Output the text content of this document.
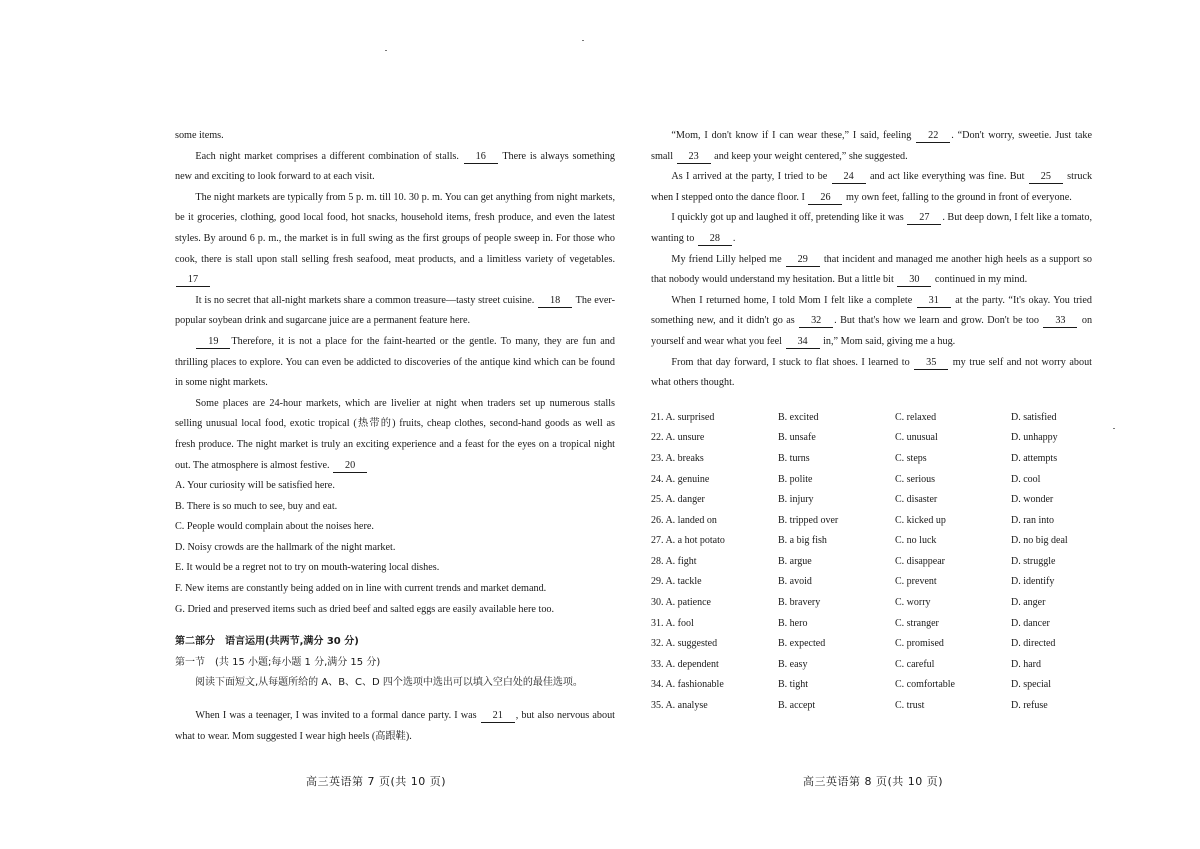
some items.

Each night market comprises a different combination of stalls. 16 There is always something new and exciting to look forward to at each visit.

The night markets are typically from 5 p. m. till 10. 30 p. m. You can get anything from night markets, be it groceries, clothing, good local food, hot snacks, household items, fresh produce, and even the latest styles. By around 6 p. m., the market is in full swing as the first groups of people sweep in. For those who cook, there is stall upon stall selling fresh seafood, meat products, and a limitless variety of vegetables. 17

It is no secret that all-night markets share a common treasure—tasty street cuisine. 18 The ever-popular soybean drink and sugarcane juice are a permanent feature here.

19 Therefore, it is not a place for the faint-hearted or the gentle. To many, they are fun and thrilling places to explore. You can even be addicted to discoveries of the antique kind which can be found in some night markets.

Some places are 24-hour markets, which are livelier at night when traders set up numerous stalls selling unusual local food, exotic tropical (热带的) fruits, cheap clothes, second-hand goods as well as fresh produce. The night market is truly an exciting experience and a feast for the eyes on a tropical night out. The atmosphere is almost festive. 20

A. Your curiosity will be satisfied here.

B. There is so much to see, buy and eat.

C. People would complain about the noises here.

D. Noisy crowds are the hallmark of the night market.

E. It would be a regret not to try on mouth-watering local dishes.

F. New items are constantly being added on in line with current trends and market demand.

G. Dried and preserved items such as dried beef and salted eggs are easily available here too.

第二部分　语言运用(共两节,满分 30 分)

第一节　(共 15 小题;每小题 1 分,满分 15 分)

阅读下面短文,从每题所给的 A、B、C、D 四个选项中选出可以填入空白处的最佳选项。

When I was a teenager, I was invited to a formal dance party. I was 21 , but also nervous about what to wear. Mom suggested I wear high heels (高跟鞋).

高三英语第 7 页(共 10 页)

“Mom, I don't know if I can wear these,” I said, feeling 22 . “Don't worry, sweetie. Just take small 23 and keep your weight centered,” she suggested.

As I arrived at the party, I tried to be 24 and act like everything was fine. But 25 struck when I stepped onto the dance floor. I 26 my own feet, falling to the ground in front of everyone.

I quickly got up and laughed it off, pretending like it was 27 . But deep down, I felt like a tomato, wanting to 28 .

My friend Lilly helped me 29 that incident and managed me another high heels as a support so that nobody would understand my hesitation. But a little bit 30 continued in my mind.

When I returned home, I told Mom I felt like a complete 31 at the party. “It's okay. You tried something new, and it didn't go as 32 . But that's how we learn and grow. Don't be too 33 on yourself and wear what you feel 34 in,” Mom said, giving me a hug.

From that day forward, I stuck to flat shoes. I learned to 35 my true self and not worry about what others thought.

21. A. surprised	B. excited	C. relaxed	D. satisfied
22. A. unsure	B. unsafe	C. unusual	D. unhappy
23. A. breaks	B. turns	C. steps	D. attempts
24. A. genuine	B. polite	C. serious	D. cool
25. A. danger	B. injury	C. disaster	D. wonder
26. A. landed on	B. tripped over	C. kicked up	D. ran into
27. A. a hot potato	B. a big fish	C. no luck	D. no big deal
28. A. fight	B. argue	C. disappear	D. struggle
29. A. tackle	B. avoid	C. prevent	D. identify
30. A. patience	B. bravery	C. worry	D. anger
31. A. fool	B. hero	C. stranger	D. dancer
32. A. suggested	B. expected	C. promised	D. directed
33. A. dependent	B. easy	C. careful	D. hard
34. A. fashionable	B. tight	C. comfortable	D. special
35. A. analyse	B. accept	C. trust	D. refuse
高三英语第 8 页(共 10 页)
